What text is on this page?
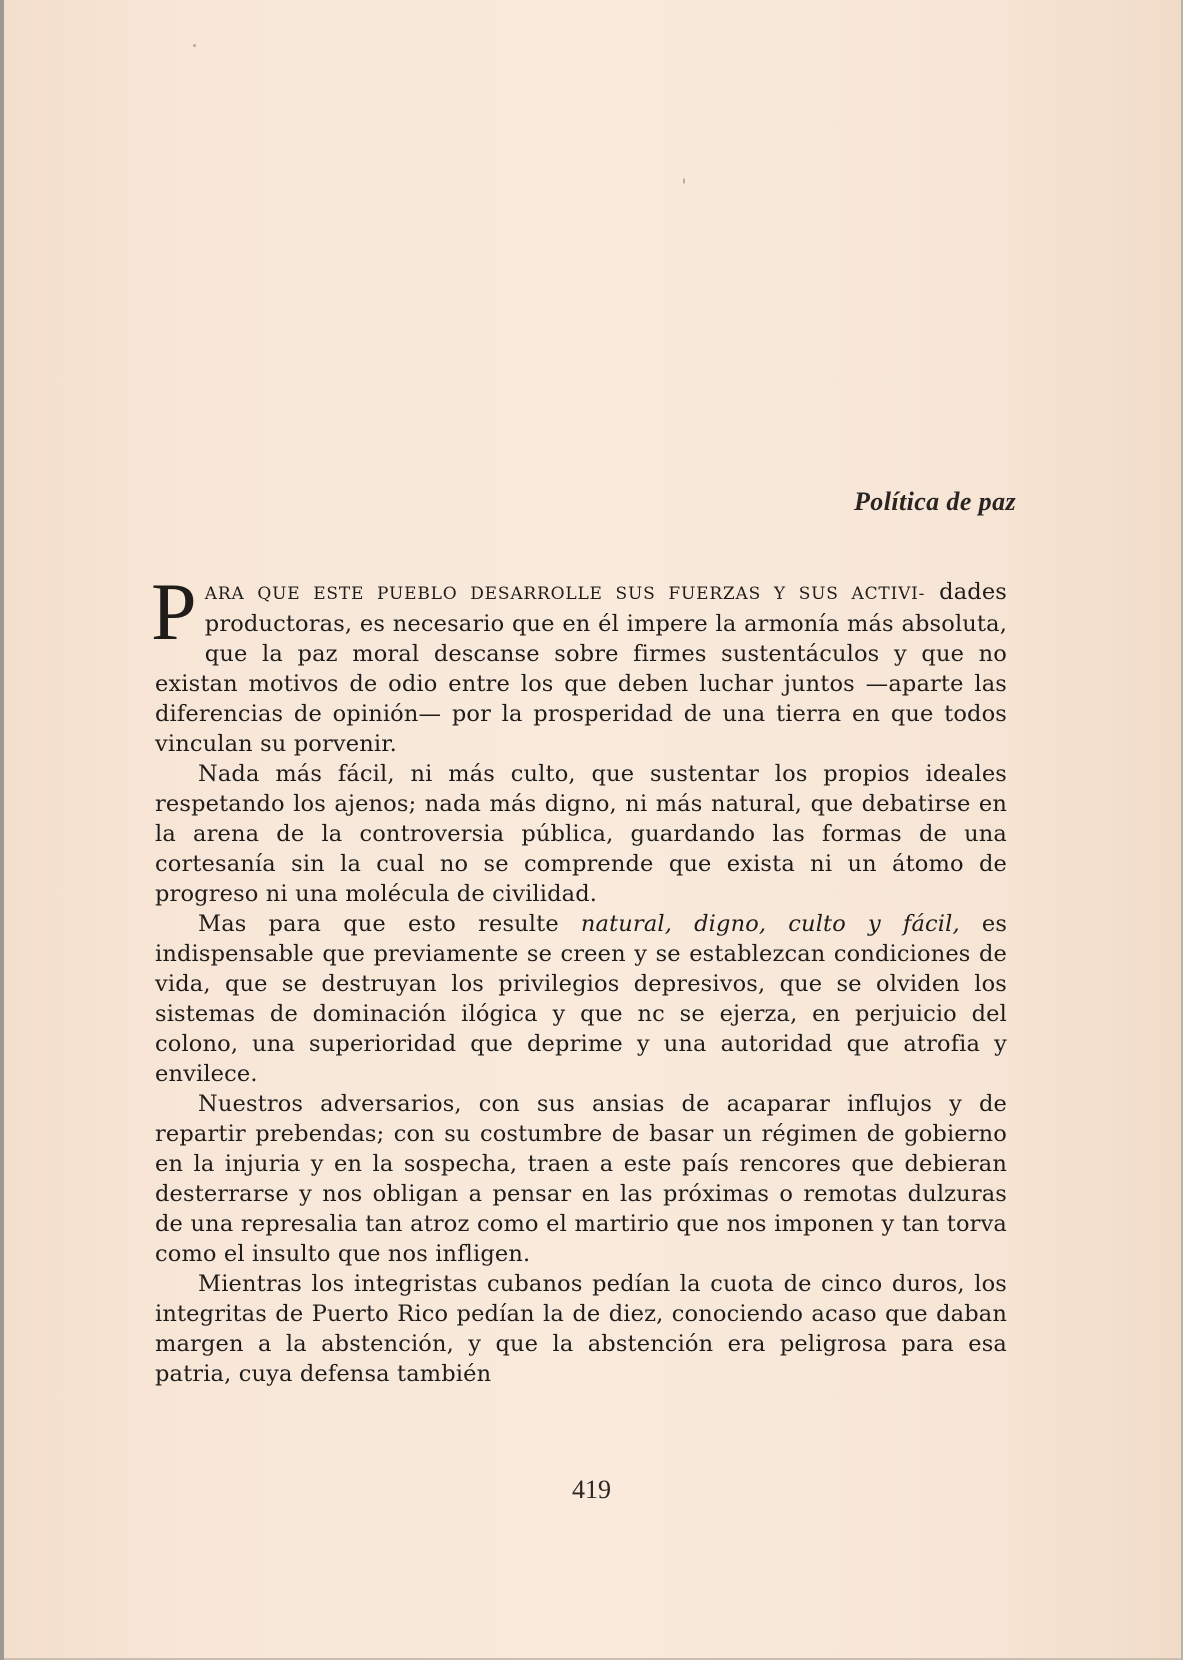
Política de paz

PARA QUE ESTE PUEBLO DESARROLLE SUS FUERZAS Y SUS ACTIVI- dades productoras, es necesario que en él impere la armonía más absoluta, que la paz moral descanse sobre firmes sustentáculos y que no existan motivos de odio entre los que deben luchar juntos —aparte las diferencias de opinión— por la prosperidad de una tierra en que todos vinculan su porvenir.

Nada más fácil, ni más culto, que sustentar los propios ideales respetando los ajenos; nada más digno, ni más natural, que debatirse en la arena de la controversia pública, guardando las formas de una cortesanía sin la cual no se comprende que exista ni un átomo de progreso ni una molécula de civilidad.

Mas para que esto resulte natural, digno, culto y fácil, es indispensable que previamente se creen y se establezcan condiciones de vida, que se destruyan los privilegios depresivos, que se olviden los sistemas de dominación ilógica y que nc se ejerza, en perjuicio del colono, una superioridad que deprime y una autoridad que atrofia y envilece.

Nuestros adversarios, con sus ansias de acaparar influjos y de repartir prebendas; con su costumbre de basar un régimen de gobierno en la injuria y en la sospecha, traen a este país rencores que debieran desterrarse y nos obligan a pensar en las próximas o remotas dulzuras de una represalia tan atroz como el martirio que nos imponen y tan torva como el insulto que nos infligen.

Mientras los integristas cubanos pedían la cuota de cinco duros, los integritas de Puerto Rico pedían la de diez, conociendo acaso que daban margen a la abstención, y que la abstención era peligrosa para esa patria, cuya defensa también

419
